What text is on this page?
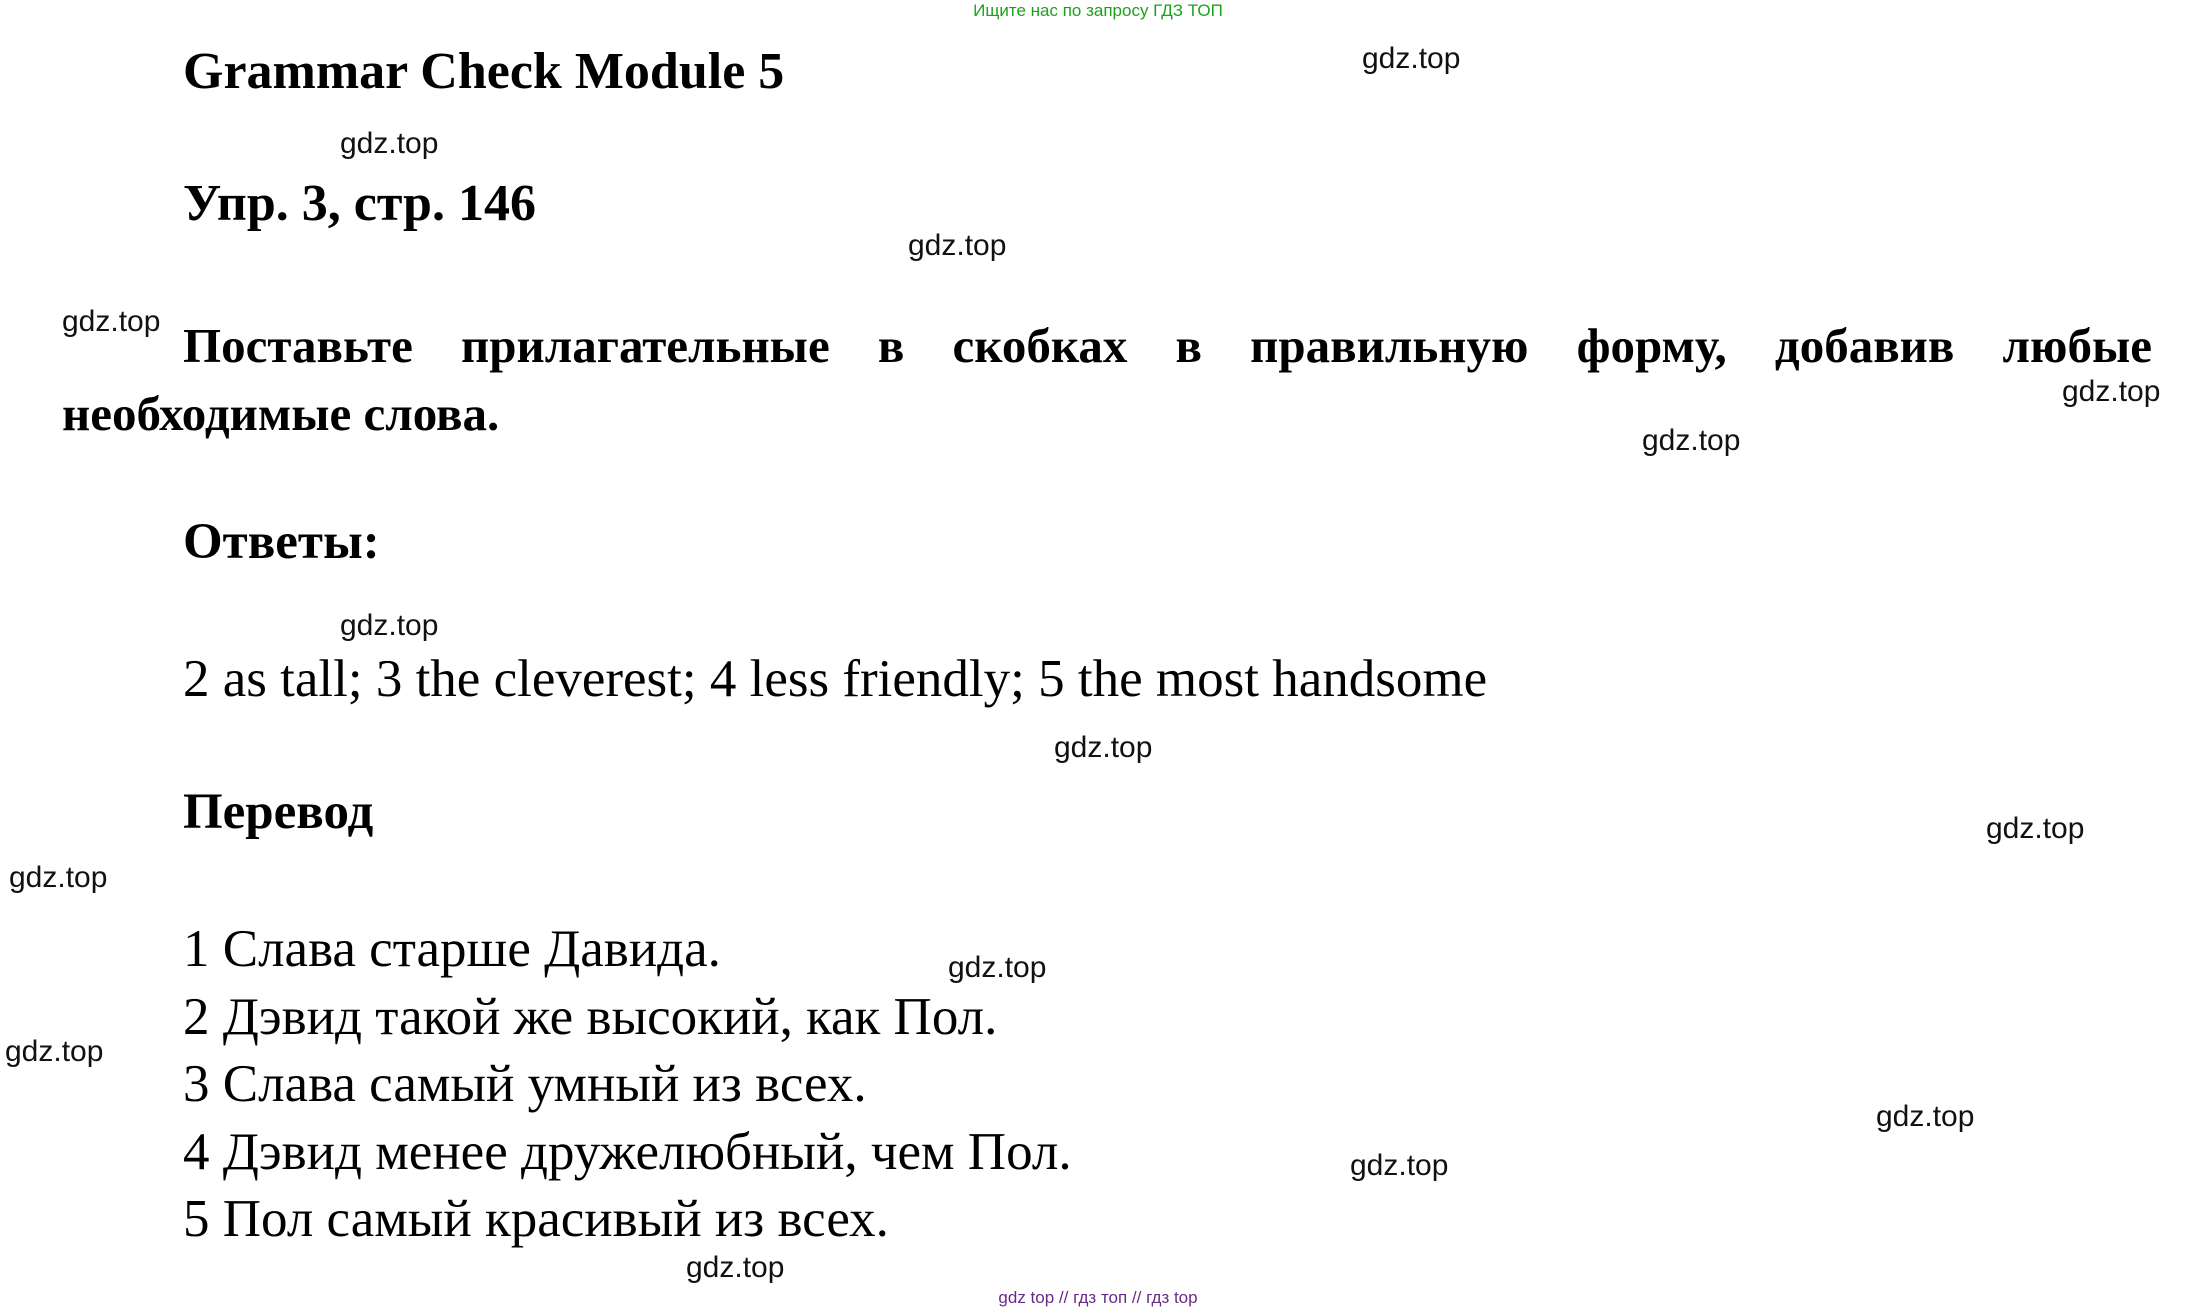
Ищите нас по запросу ГДЗ ТОП
Grammar Check Module 5
Упр. 3, стр. 146
Поставьте прилагательные в скобках в правильную форму, добавив любые необходимые слова.
Ответы:
2 as tall; 3 the cleverest; 4 less friendly; 5 the most handsome
Перевод
1 Слава старше Давида.
2 Дэвид такой же высокий, как Пол.
3 Слава самый умный из всех.
4 Дэвид менее дружелюбный, чем Пол.
5 Пол самый красивый из всех.
gdz.top
gdz.top
gdz.top
gdz.top
gdz.top
gdz.top
gdz.top
gdz.top
gdz.top
gdz.top
gdz.top
gdz.top
gdz.top
gdz.top
gdz.top
gdz top // гдз топ // гдз top
